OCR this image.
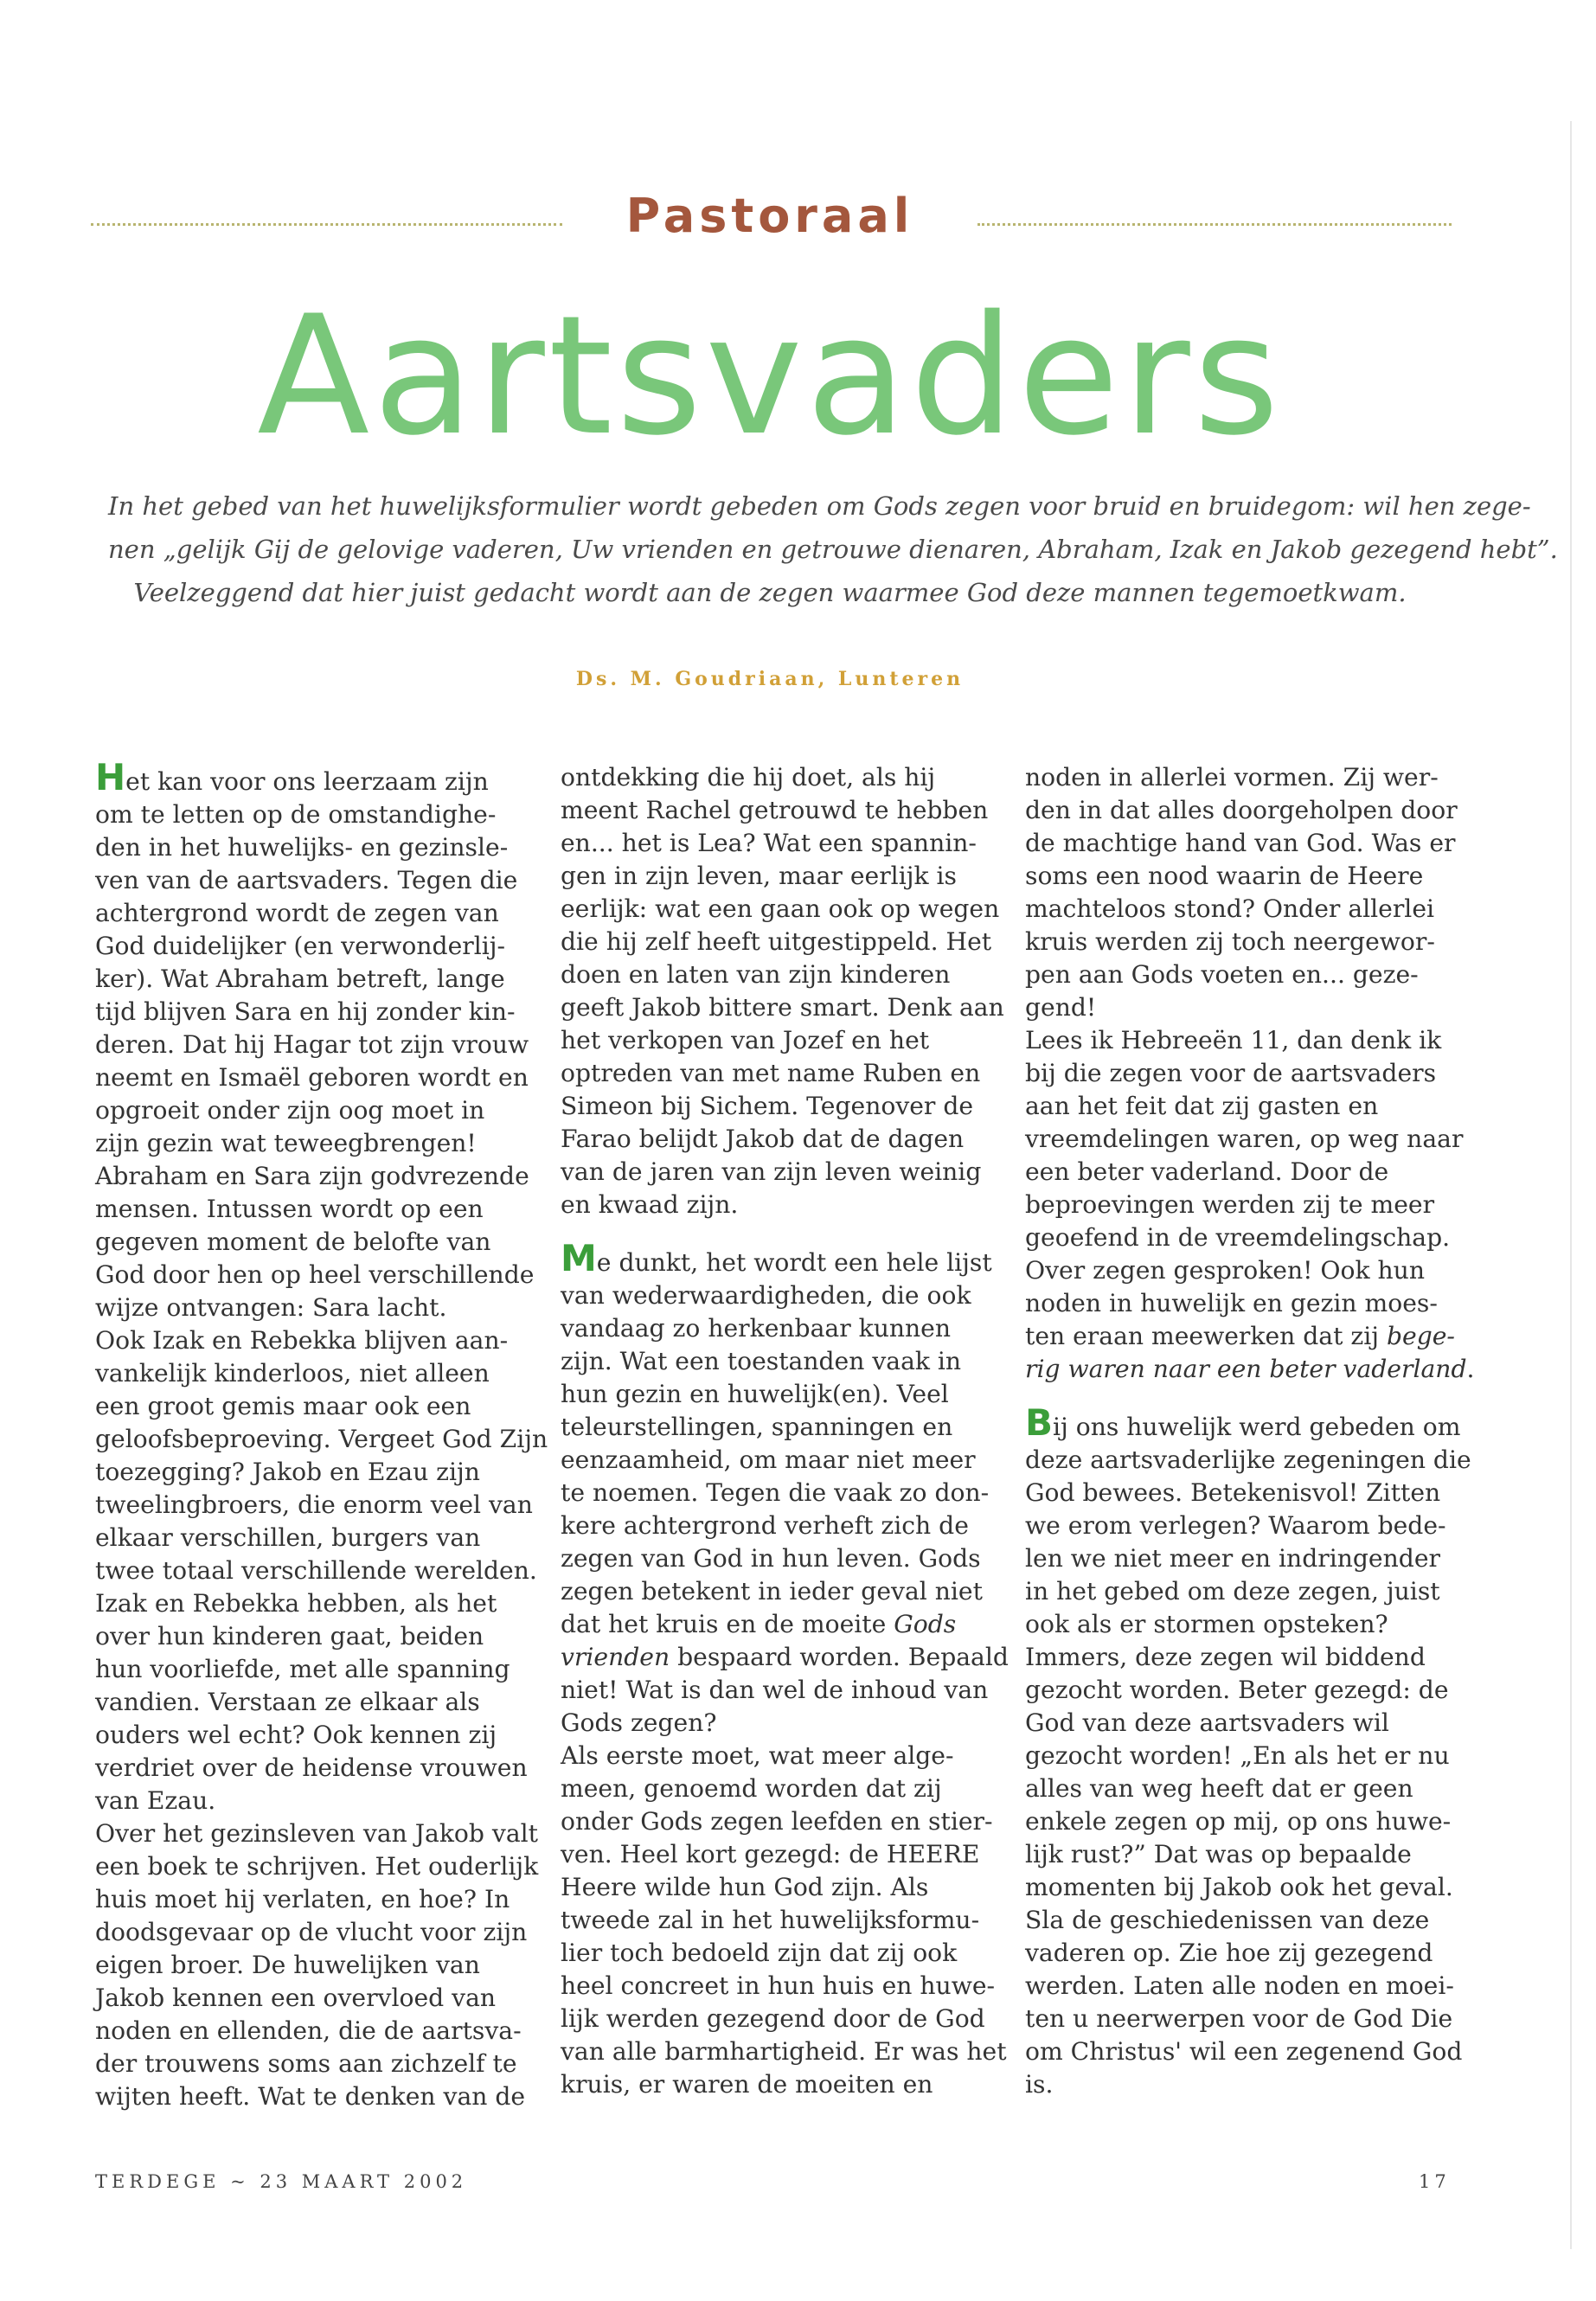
Pastoraal
Aartsvaders
In het gebed van het huwelijksformulier wordt gebeden om Gods zegen voor bruid en bruidegom: wil hen zege-
nen „gelijk Gij de gelovige vaderen, Uw vrienden en getrouwe dienaren, Abraham, Izak en Jakob gezegend hebt”.
Veelzeggend dat hier juist gedacht wordt aan de zegen waarmee God deze mannen tegemoetkwam.
Ds. M. Goudriaan, Lunteren
Het kan voor ons leerzaam zijn
om te letten op de omstandighe-
den in het huwelijks- en gezinsle-
ven van de aartsvaders. Tegen die
achtergrond wordt de zegen van
God duidelijker (en verwonderlij-
ker). Wat Abraham betreft, lange
tijd blijven Sara en hij zonder kin-
deren. Dat hij Hagar tot zijn vrouw
neemt en Ismaël geboren wordt en
opgroeit onder zijn oog moet in
zijn gezin wat teweegbrengen!
Abraham en Sara zijn godvrezende
mensen. Intussen wordt op een
gegeven moment de belofte van
God door hen op heel verschillende
wijze ontvangen: Sara lacht.
Ook Izak en Rebekka blijven aan-
vankelijk kinderloos, niet alleen
een groot gemis maar ook een
geloofsbeproeving. Vergeet God Zijn
toezegging? Jakob en Ezau zijn
tweelingbroers, die enorm veel van
elkaar verschillen, burgers van
twee totaal verschillende werelden.
Izak en Rebekka hebben, als het
over hun kinderen gaat, beiden
hun voorliefde, met alle spanning
vandien. Verstaan ze elkaar als
ouders wel echt? Ook kennen zij
verdriet over de heidense vrouwen
van Ezau.
Over het gezinsleven van Jakob valt
een boek te schrijven. Het ouderlijk
huis moet hij verlaten, en hoe? In
doodsgevaar op de vlucht voor zijn
eigen broer. De huwelijken van
Jakob kennen een overvloed van
noden en ellenden, die de aartsva-
der trouwens soms aan zichzelf te
wijten heeft. Wat te denken van de
ontdekking die hij doet, als hij
meent Rachel getrouwd te hebben
en... het is Lea? Wat een spannin-
gen in zijn leven, maar eerlijk is
eerlijk: wat een gaan ook op wegen
die hij zelf heeft uitgestippeld. Het
doen en laten van zijn kinderen
geeft Jakob bittere smart. Denk aan
het verkopen van Jozef en het
optreden van met name Ruben en
Simeon bij Sichem. Tegenover de
Farao belijdt Jakob dat de dagen
van de jaren van zijn leven weinig
en kwaad zijn.
Me dunkt, het wordt een hele lijst
van wederwaardigheden, die ook
vandaag zo herkenbaar kunnen
zijn. Wat een toestanden vaak in
hun gezin en huwelijk(en). Veel
teleurstellingen, spanningen en
eenzaamheid, om maar niet meer
te noemen. Tegen die vaak zo don-
kere achtergrond verheft zich de
zegen van God in hun leven. Gods
zegen betekent in ieder geval niet
dat het kruis en de moeite Gods
vrienden bespaard worden. Bepaald
niet! Wat is dan wel de inhoud van
Gods zegen?
Als eerste moet, wat meer alge-
meen, genoemd worden dat zij
onder Gods zegen leefden en stier-
ven. Heel kort gezegd: de HEERE
Heere wilde hun God zijn. Als
tweede zal in het huwelijksformu-
lier toch bedoeld zijn dat zij ook
heel concreet in hun huis en huwe-
lijk werden gezegend door de God
van alle barmhartigheid. Er was het
kruis, er waren de moeiten en
noden in allerlei vormen. Zij wer-
den in dat alles doorgeholpen door
de machtige hand van God. Was er
soms een nood waarin de Heere
machteloos stond? Onder allerlei
kruis werden zij toch neergewor-
pen aan Gods voeten en... geze-
gend!
Lees ik Hebreeën 11, dan denk ik
bij die zegen voor de aartsvaders
aan het feit dat zij gasten en
vreemdelingen waren, op weg naar
een beter vaderland. Door de
beproevingen werden zij te meer
geoefend in de vreemdelingschap.
Over zegen gesproken! Ook hun
noden in huwelijk en gezin moes-
ten eraan meewerken dat zij bege-
rig waren naar een beter vaderland.
Bij ons huwelijk werd gebeden om
deze aartsvaderlijke zegeningen die
God bewees. Betekenisvol! Zitten
we erom verlegen? Waarom bede-
len we niet meer en indringender
in het gebed om deze zegen, juist
ook als er stormen opsteken?
Immers, deze zegen wil biddend
gezocht worden. Beter gezegd: de
God van deze aartsvaders wil
gezocht worden! „En als het er nu
alles van weg heeft dat er geen
enkele zegen op mij, op ons huwe-
lijk rust?” Dat was op bepaalde
momenten bij Jakob ook het geval.
Sla de geschiedenissen van deze
vaderen op. Zie hoe zij gezegend
werden. Laten alle noden en moei-
ten u neerwerpen voor de God Die
om Christus' wil een zegenend God
is.
TERDEGE ~ 23 MAART 2002	17
